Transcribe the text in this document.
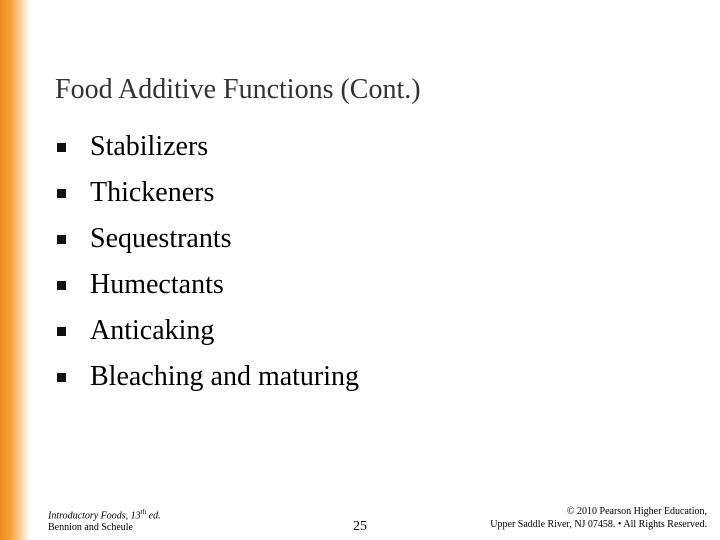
Food Additive Functions (Cont.)
Stabilizers
Thickeners
Sequestrants
Humectants
Anticaking
Bleaching and maturing
Introductory Foods, 13th ed.
Bennion and Scheule	25
© 2010 Pearson Higher Education,
Upper Saddle River, NJ 07458. • All Rights Reserved.
